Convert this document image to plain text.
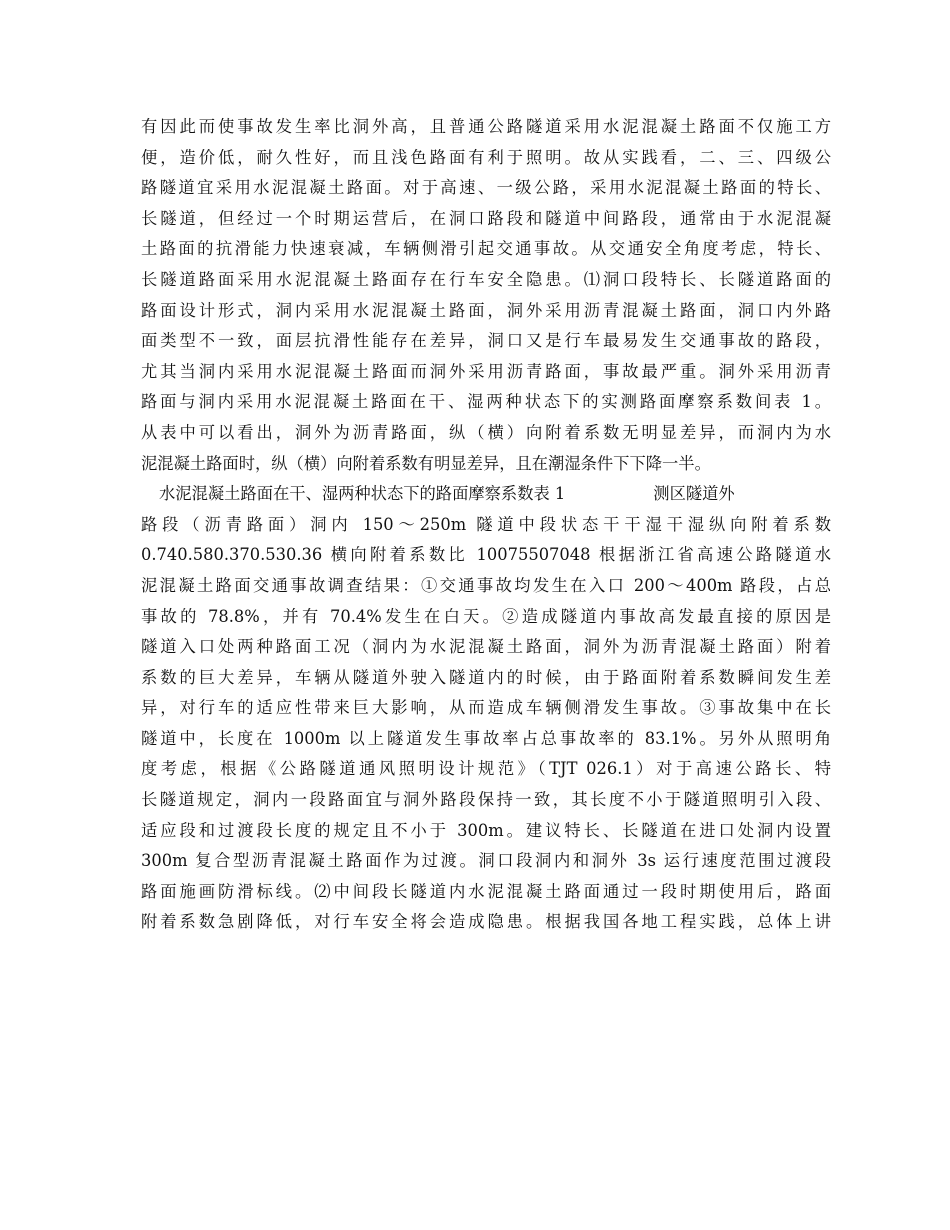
有因此而使事故发生率比洞外高，且普通公路隧道采用水泥混凝土路面不仅施工方
便，造价低，耐久性好，而且浅色路面有利于照明。故从实践看，二、三、四级公
路隧道宜采用水泥混凝土路面。对于高速、一级公路，采用水泥混凝土路面的特长、
长隧道，但经过一个时期运营后，在洞口路段和隧道中间路段，通常由于水泥混凝
土路面的抗滑能力快速衰减，车辆侧滑引起交通事故。从交通安全角度考虑，特长、
长隧道路面采用水泥混凝土路面存在行车安全隐患。⑴洞口段特长、长隧道路面的
路面设计形式，洞内采用水泥混凝土路面，洞外采用沥青混凝土路面，洞口内外路
面类型不一致，面层抗滑性能存在差异，洞口又是行车最易发生交通事故的路段，
尤其当洞内采用水泥混凝土路面而洞外采用沥青路面，事故最严重。洞外采用沥青
路面与洞内采用水泥混凝土路面在干、湿两种状态下的实测路面摩察系数间表 1。
从表中可以看出，洞外为沥青路面，纵（横）向附着系数无明显差异，而洞内为水
泥混凝土路面时，纵（横）向附着系数有明显差异，且在潮湿条件下下降一半。
水泥混凝土路面在干、湿两种状态下的路面摩察系数表 1	测区隧道外
路段（沥青路面）洞内 150～250m 隧道中段状态干干湿干湿纵向附着系数
0.740.580.370.530.36 横向附着系数比 10075507048 根据浙江省高速公路隧道水
泥混凝土路面交通事故调查结果：①交通事故均发生在入口 200～400m 路段，占总
事故的 78.8%，并有 70.4%发生在白天。②造成隧道内事故高发最直接的原因是
隧道入口处两种路面工况（洞内为水泥混凝土路面，洞外为沥青混凝土路面）附着
系数的巨大差异，车辆从隧道外驶入隧道内的时候，由于路面附着系数瞬间发生差
异，对行车的适应性带来巨大影响，从而造成车辆侧滑发生事故。③事故集中在长
隧道中，长度在 1000m 以上隧道发生事故率占总事故率的 83.1%。另外从照明角
度考虑，根据《公路隧道通风照明设计规范》（TJT 026.1）对于高速公路长、特
长隧道规定，洞内一段路面宜与洞外路段保持一致，其长度不小于隧道照明引入段、
适应段和过渡段长度的规定且不小于 300m。建议特长、长隧道在进口处洞内设置
300m 复合型沥青混凝土路面作为过渡。洞口段洞内和洞外 3s 运行速度范围过渡段
路面施画防滑标线。⑵中间段长隧道内水泥混凝土路面通过一段时期使用后，路面
附着系数急剧降低，对行车安全将会造成隐患。根据我国各地工程实践，总体上讲
